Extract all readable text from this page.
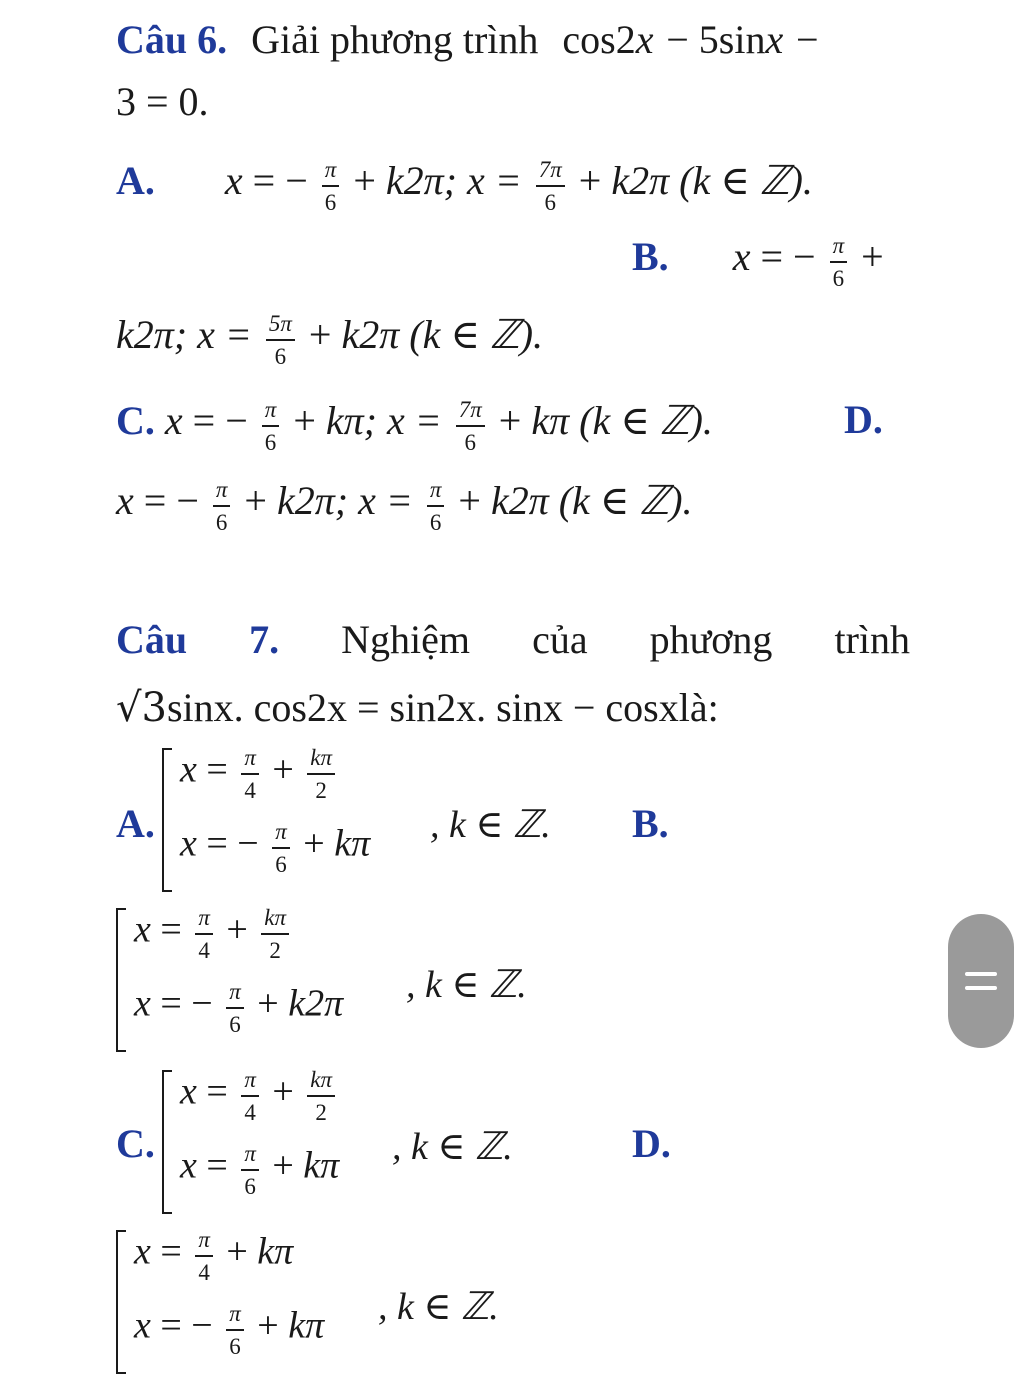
Câu 6. Giải phương trình cos2x − 5sinx −
3 = 0.
A. x = − $\frac{\pi}{6} + k2\pi$; $x = \frac{7\pi}{6} + k2\pi$ (k ∈ ℤ).
B. x = − $\frac{\pi}{6}$ +
k2π; $x = \frac{5\pi}{6} + k2\pi$ (k ∈ ℤ).
C. x = − $\frac{\pi}{6} + k\pi$; $x = \frac{7\pi}{6} + k\pi$ (k ∈ ℤ).	D.
x = − $\frac{\pi}{6} + k2\pi$; $x = \frac{\pi}{6} + k2\pi$ (k ∈ ℤ).
Câu 7. Nghiệm của phương trình
√3sinx. cos2x = sin2x. sinx − cosxlà:
A.
$x = \frac{\pi}{4} + \frac{k\pi}{2}$
x = − $\frac{\pi}{6} + k\pi$ , k ∈ ℤ. B.
$x = \frac{\pi}{4} + \frac{k\pi}{2}$
x = − $\frac{\pi}{6} + k2\pi$ , k ∈ ℤ.
C.
$x = \frac{\pi}{4} + \frac{k\pi}{2}$
$x = \frac{\pi}{6} + k\pi$ , k ∈ ℤ.	D.
$x = \frac{\pi}{4} + k\pi$
x = − $\frac{\pi}{6} + k\pi$ , k ∈ ℤ.
